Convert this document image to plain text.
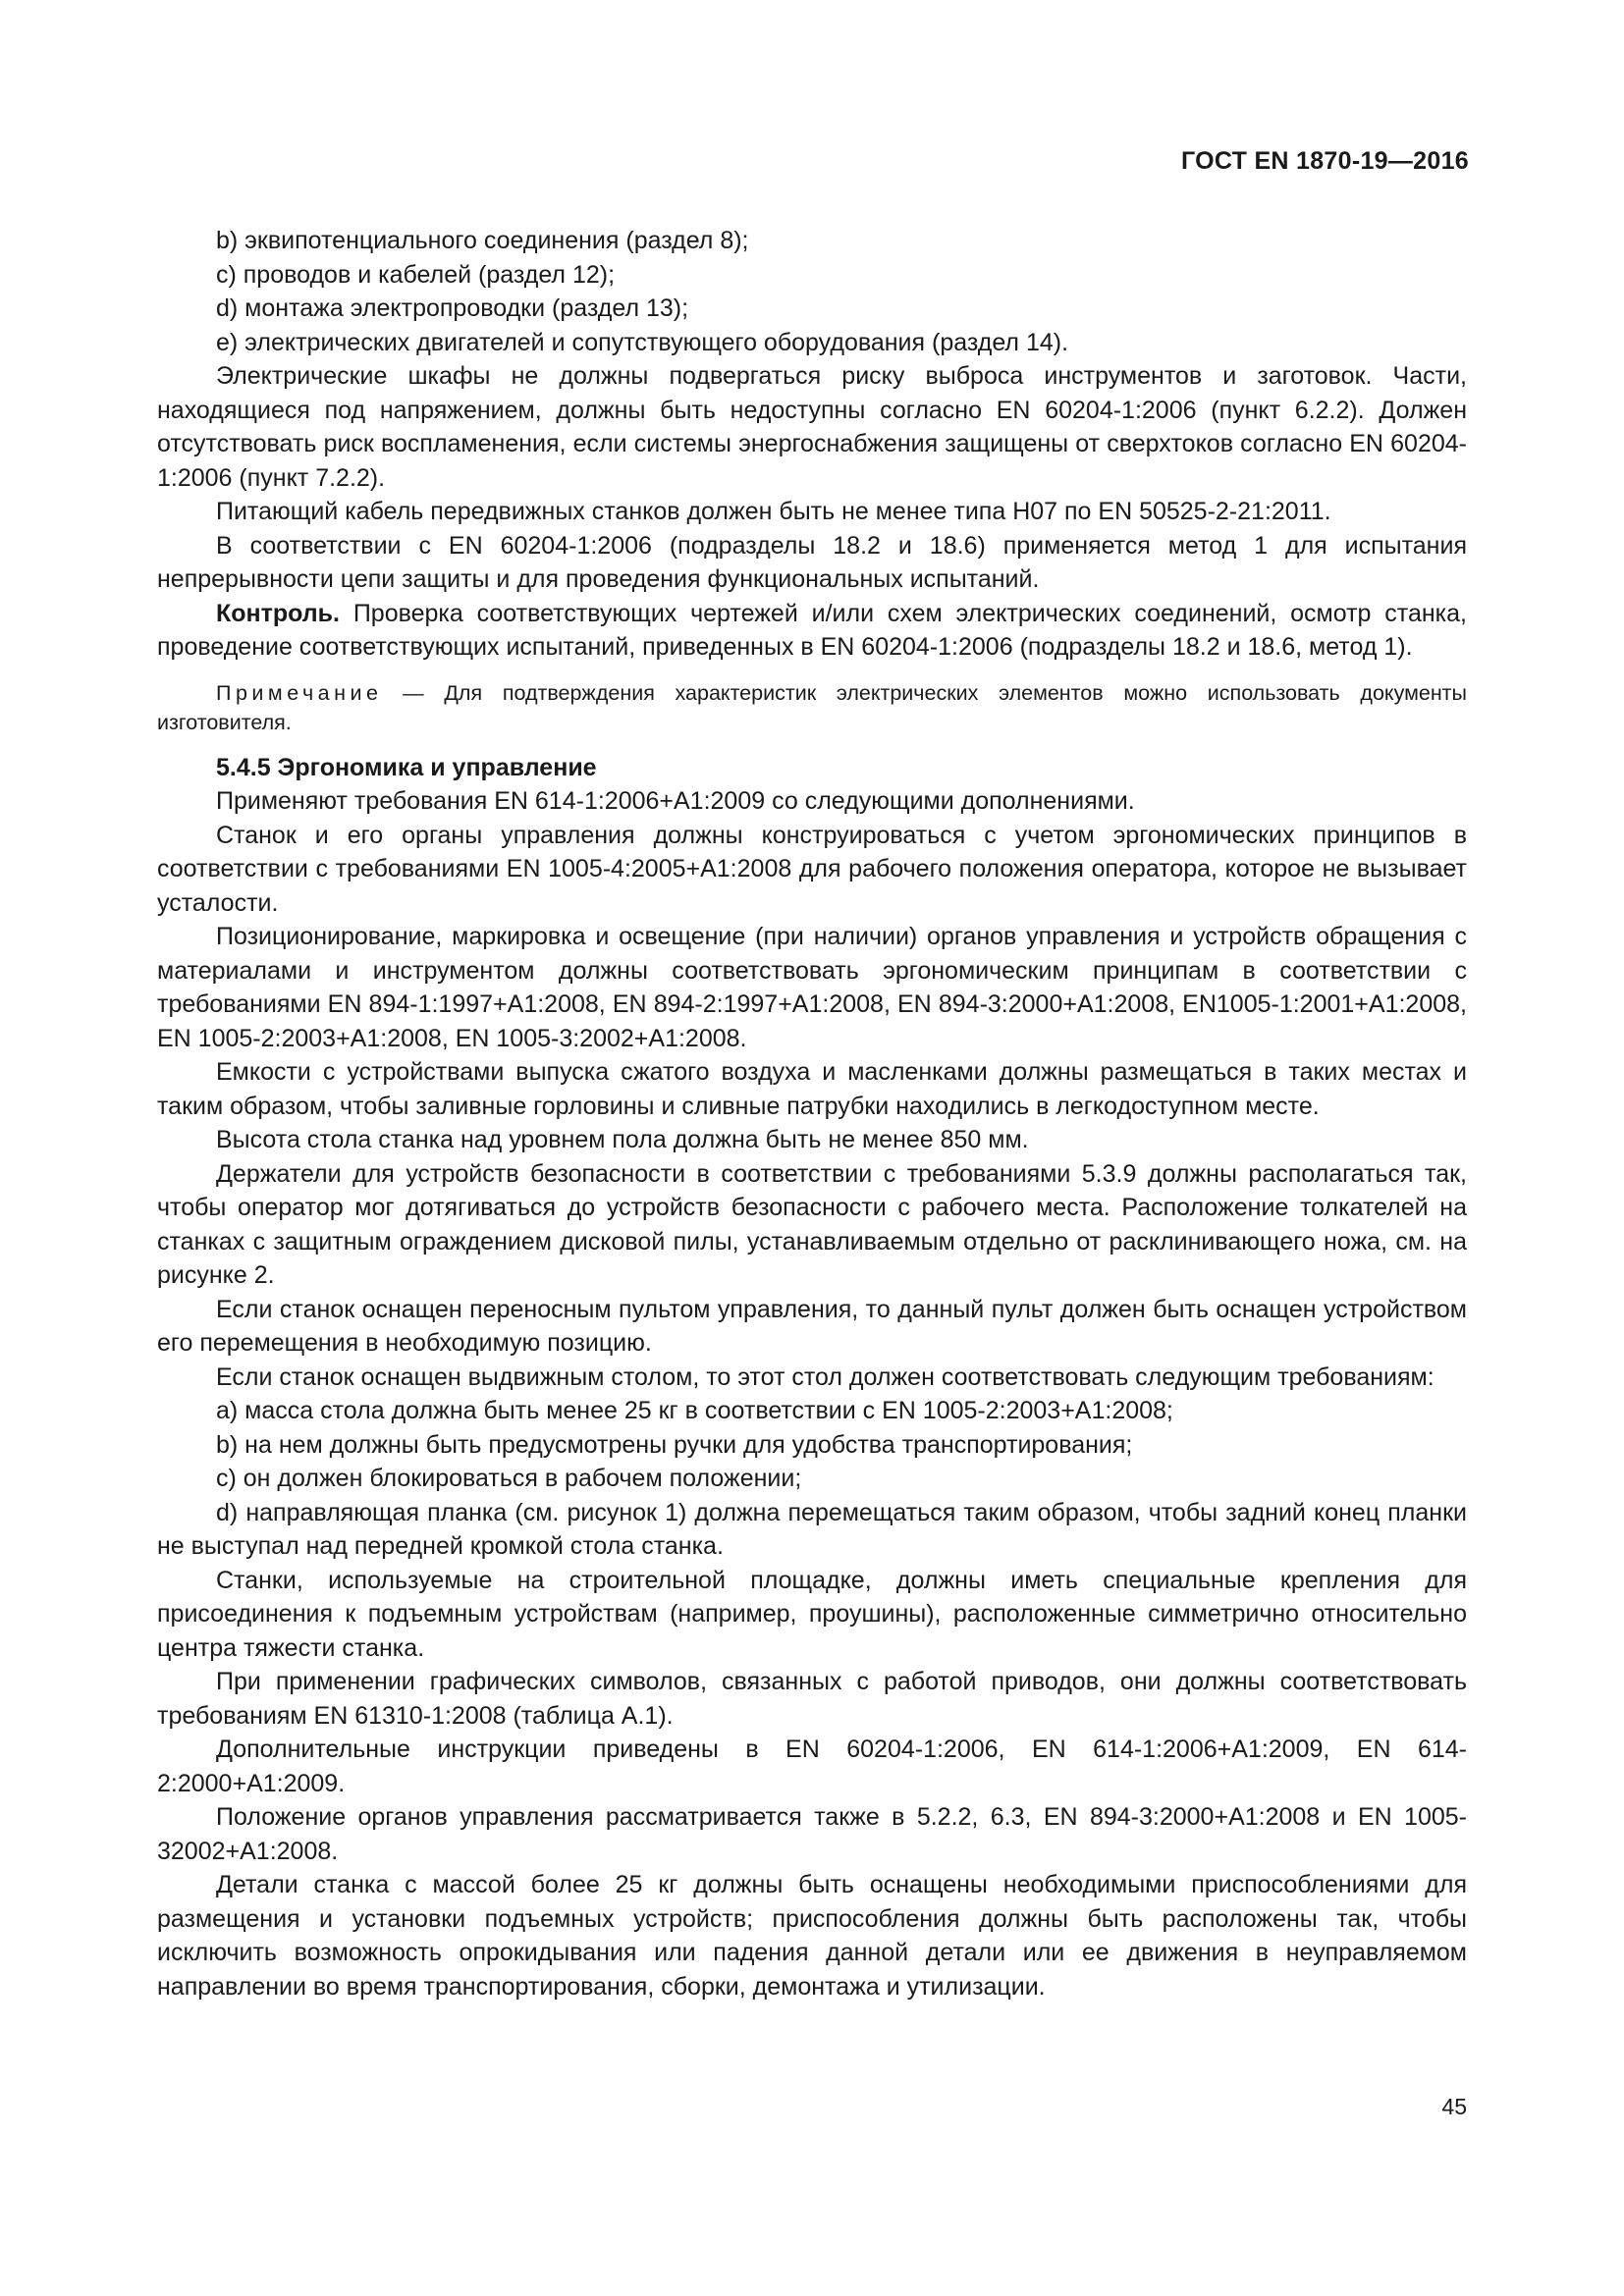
ГОСТ EN 1870-19—2016

b) эквипотенциального соединения (раздел 8);

c) проводов и кабелей (раздел 12);

d) монтажа электропроводки (раздел 13);

e) электрических двигателей и сопутствующего оборудования (раздел 14).

Электрические шкафы не должны подвергаться риску выброса инструментов и заготовок. Части, находящиеся под напряжением, должны быть недоступны согласно EN 60204-1:2006 (пункт 6.2.2). Должен отсутствовать риск воспламенения, если системы энергоснабжения защищены от сверхтоков согласно EN 60204-1:2006 (пункт 7.2.2).

Питающий кабель передвижных станков должен быть не менее типа H07 по EN 50525-2-21:2011.

В соответствии с EN 60204-1:2006 (подразделы 18.2 и 18.6) применяется метод 1 для испытания непрерывности цепи защиты и для проведения функциональных испытаний.

Контроль. Проверка соответствующих чертежей и/или схем электрических соединений, осмотр станка, проведение соответствующих испытаний, приведенных в EN 60204-1:2006 (подразделы 18.2 и 18.6, метод 1).

Примечание — Для подтверждения характеристик электрических элементов можно использовать документы изготовителя.
5.4.5 Эргономика и управление

Применяют требования EN 614-1:2006+A1:2009 со следующими дополнениями.

Станок и его органы управления должны конструироваться с учетом эргономических принципов в соответствии с требованиями EN 1005-4:2005+A1:2008 для рабочего положения оператора, которое не вызывает усталости.

Позиционирование, маркировка и освещение (при наличии) органов управления и устройств обращения с материалами и инструментом должны соответствовать эргономическим принципам в соответствии с требованиями EN 894-1:1997+A1:2008, EN 894-2:1997+A1:2008, EN 894-3:2000+A1:2008, EN1005-1:2001+A1:2008, EN 1005-2:2003+A1:2008, EN 1005-3:2002+A1:2008.

Емкости с устройствами выпуска сжатого воздуха и масленками должны размещаться в таких местах и таким образом, чтобы заливные горловины и сливные патрубки находились в легкодоступном месте.

Высота стола станка над уровнем пола должна быть не менее 850 мм.

Держатели для устройств безопасности в соответствии с требованиями 5.3.9 должны располагаться так, чтобы оператор мог дотягиваться до устройств безопасности с рабочего места. Расположение толкателей на станках с защитным ограждением дисковой пилы, устанавливаемым отдельно от расклинивающего ножа, см. на рисунке 2.

Если станок оснащен переносным пультом управления, то данный пульт должен быть оснащен устройством его перемещения в необходимую позицию.

Если станок оснащен выдвижным столом, то этот стол должен соответствовать следующим требованиям:

a) масса стола должна быть менее 25 кг в соответствии с EN 1005-2:2003+A1:2008;

b) на нем должны быть предусмотрены ручки для удобства транспортирования;

c) он должен блокироваться в рабочем положении;

d) направляющая планка (см. рисунок 1) должна перемещаться таким образом, чтобы задний конец планки не выступал над передней кромкой стола станка.

Станки, используемые на строительной площадке, должны иметь специальные крепления для присоединения к подъемным устройствам (например, проушины), расположенные симметрично относительно центра тяжести станка.

При применении графических символов, связанных с работой приводов, они должны соответствовать требованиям EN 61310-1:2008 (таблица A.1).

Дополнительные инструкции приведены в EN 60204-1:2006, EN 614-1:2006+A1:2009, EN 614-2:2000+A1:2009.

Положение органов управления рассматривается также в 5.2.2, 6.3, EN 894-3:2000+A1:2008 и EN 1005-32002+A1:2008.

Детали станка с массой более 25 кг должны быть оснащены необходимыми приспособлениями для размещения и установки подъемных устройств; приспособления должны быть расположены так, чтобы исключить возможность опрокидывания или падения данной детали или ее движения в неуправляемом направлении во время транспортирования, сборки, демонтажа и утилизации.

45
